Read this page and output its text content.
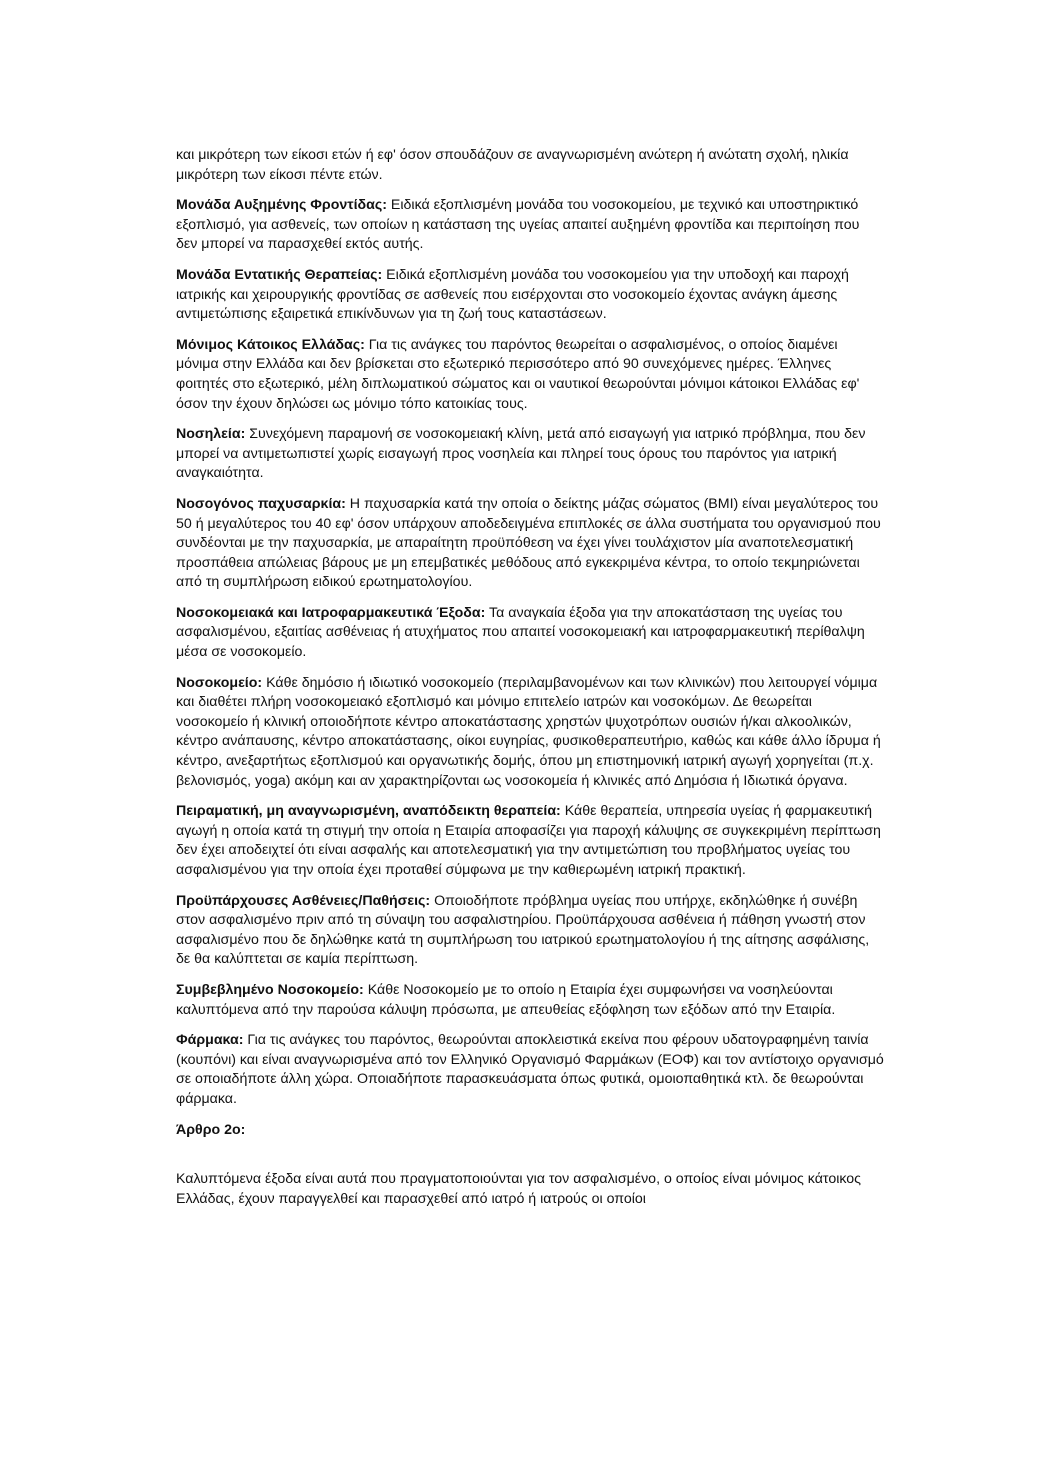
και μικρότερη των είκοσι ετών ή εφ' όσον σπουδάζουν σε αναγνωρισμένη ανώτερη ή ανώτατη σχολή, ηλικία μικρότερη των είκοσι πέντε ετών.

Μονάδα Αυξημένης Φροντίδας: Ειδικά εξοπλισμένη μονάδα του νοσοκομείου, με τεχνικό και υποστηρικτικό εξοπλισμό, για ασθενείς, των οποίων η κατάσταση της υγείας απαιτεί αυξημένη φροντίδα και περιποίηση που δεν μπορεί να παρασχεθεί εκτός αυτής.

Μονάδα Εντατικής Θεραπείας: Ειδικά εξοπλισμένη μονάδα του νοσοκομείου για την υποδοχή και παροχή ιατρικής και χειρουργικής φροντίδας σε ασθενείς που εισέρχονται στο νοσοκομείο έχοντας ανάγκη άμεσης αντιμετώπισης εξαιρετικά επικίνδυνων για τη ζωή τους καταστάσεων.

Μόνιμος Κάτοικος Ελλάδας: Για τις ανάγκες του παρόντος θεωρείται ο ασφαλισμένος, ο οποίος διαμένει μόνιμα στην Ελλάδα και δεν βρίσκεται στο εξωτερικό περισσότερο από 90 συνεχόμενες ημέρες. Έλληνες φοιτητές στο εξωτερικό, μέλη διπλωματικού σώματος και οι ναυτικοί θεωρούνται μόνιμοι κάτοικοι Ελλάδας εφ' όσον την έχουν δηλώσει ως μόνιμο τόπο κατοικίας τους.

Νοσηλεία: Συνεχόμενη παραμονή σε νοσοκομειακή κλίνη, μετά από εισαγωγή για ιατρικό πρόβλημα, που δεν μπορεί να αντιμετωπιστεί χωρίς εισαγωγή προς νοσηλεία και πληρεί τους όρους του παρόντος για ιατρική αναγκαιότητα.

Νοσογόνος παχυσαρκία: Η παχυσαρκία κατά την οποία ο δείκτης μάζας σώματος (BMI) είναι μεγαλύτερος του 50 ή μεγαλύτερος του 40 εφ' όσον υπάρχουν αποδεδειγμένα επιπλοκές σε άλλα συστήματα του οργανισμού που συνδέονται με την παχυσαρκία, με απαραίτητη προϋπόθεση να έχει γίνει τουλάχιστον μία αναποτελεσματική προσπάθεια απώλειας βάρους με μη επεμβατικές μεθόδους από εγκεκριμένα κέντρα, το οποίο τεκμηριώνεται από τη συμπλήρωση ειδικού ερωτηματολογίου.

Νοσοκομειακά και Ιατροφαρμακευτικά Έξοδα: Τα αναγκαία έξοδα για την αποκατάσταση της υγείας του ασφαλισμένου, εξαιτίας ασθένειας ή ατυχήματος που απαιτεί νοσοκομειακή και ιατροφαρμακευτική περίθαλψη μέσα σε νοσοκομείο.

Νοσοκομείο: Κάθε δημόσιο ή ιδιωτικό νοσοκομείο (περιλαμβανομένων και των κλινικών) που λειτουργεί νόμιμα και διαθέτει πλήρη νοσοκομειακό εξοπλισμό και μόνιμο επιτελείο ιατρών και νοσοκόμων. Δε θεωρείται νοσοκομείο ή κλινική οποιοδήποτε κέντρο αποκατάστασης χρηστών ψυχοτρόπων ουσιών ή/και αλκοολικών, κέντρο ανάπαυσης, κέντρο αποκατάστασης, οίκοι ευγηρίας, φυσικοθεραπευτήριο, καθώς και κάθε άλλο ίδρυμα ή κέντρο, ανεξαρτήτως εξοπλισμού και οργανωτικής δομής, όπου μη επιστημονική ιατρική αγωγή χορηγείται (π.χ. βελονισμός, yoga) ακόμη και αν χαρακτηρίζονται ως νοσοκομεία ή κλινικές από Δημόσια ή Ιδιωτικά όργανα.

Πειραματική, μη αναγνωρισμένη, αναπόδεικτη θεραπεία: Κάθε θεραπεία, υπηρεσία υγείας ή φαρμακευτική αγωγή η οποία κατά τη στιγμή την οποία η Εταιρία αποφασίζει για παροχή κάλυψης σε συγκεκριμένη περίπτωση δεν έχει αποδειχτεί ότι είναι ασφαλής και αποτελεσματική για την αντιμετώπιση του προβλήματος υγείας του ασφαλισμένου για την οποία έχει προταθεί σύμφωνα με την καθιερωμένη ιατρική πρακτική.

Προϋπάρχουσες Ασθένειες/Παθήσεις: Οποιοδήποτε πρόβλημα υγείας που υπήρχε, εκδηλώθηκε ή συνέβη στον ασφαλισμένο πριν από τη σύναψη του ασφαλιστηρίου. Προϋπάρχουσα ασθένεια ή πάθηση γνωστή στον ασφαλισμένο που δε δηλώθηκε κατά τη συμπλήρωση του ιατρικού ερωτηματολογίου ή της αίτησης ασφάλισης, δε θα καλύπτεται σε καμία περίπτωση.

Συμβεβλημένο Νοσοκομείο: Κάθε Νοσοκομείο με το οποίο η Εταιρία έχει συμφωνήσει να νοσηλεύονται καλυπτόμενα από την παρούσα κάλυψη πρόσωπα, με απευθείας εξόφληση των εξόδων από την Εταιρία.

Φάρμακα: Για τις ανάγκες του παρόντος, θεωρούνται αποκλειστικά εκείνα που φέρουν υδατογραφημένη ταινία (κουπόνι) και είναι αναγνωρισμένα από τον Ελληνικό Οργανισμό Φαρμάκων (ΕΟΦ) και τον αντίστοιχο οργανισμό σε οποιαδήποτε άλλη χώρα. Οποιαδήποτε παρασκευάσματα όπως φυτικά, ομοιοπαθητικά κτλ. δε θεωρούνται φάρμακα.

Άρθρο 2ο:

Καλυπτόμενα έξοδα είναι αυτά που πραγματοποιούνται για τον ασφαλισμένο, ο οποίος είναι μόνιμος κάτοικος Ελλάδας, έχουν παραγγελθεί και παρασχεθεί από ιατρό ή ιατρούς οι οποίοι
